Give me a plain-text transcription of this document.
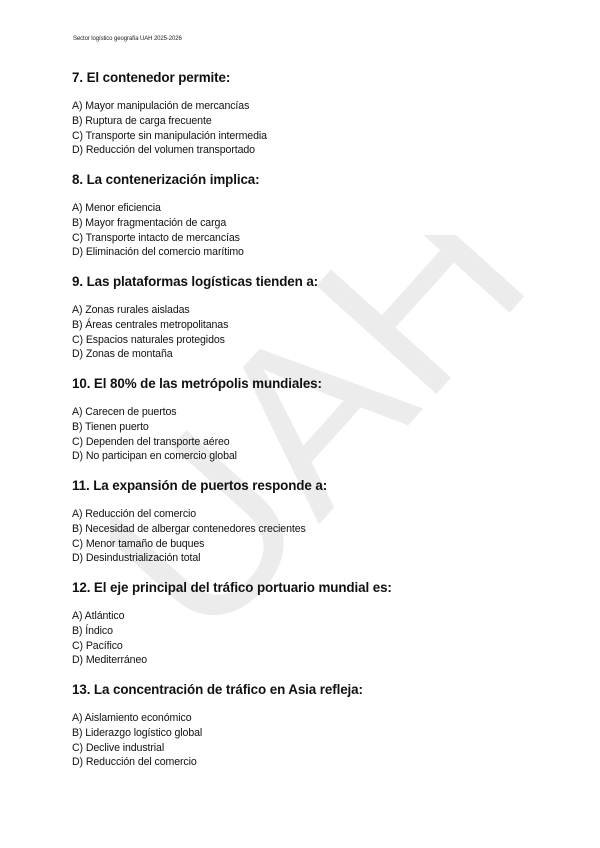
UAH
Sector logístico geografía UAH 2025-2026
7. El contenedor permite:
A) Mayor manipulación de mercancías
B) Ruptura de carga frecuente
C) Transporte sin manipulación intermedia
D) Reducción del volumen transportado
8. La contenerización implica:
A) Menor eficiencia
B) Mayor fragmentación de carga
C) Transporte intacto de mercancías
D) Eliminación del comercio marítimo
9. Las plataformas logísticas tienden a:
A) Zonas rurales aisladas
B) Áreas centrales metropolitanas
C) Espacios naturales protegidos
D) Zonas de montaña
10. El 80% de las metrópolis mundiales:
A) Carecen de puertos
B) Tienen puerto
C) Dependen del transporte aéreo
D) No participan en comercio global
11. La expansión de puertos responde a:
A) Reducción del comercio
B) Necesidad de albergar contenedores crecientes
C) Menor tamaño de buques
D) Desindustrialización total
12. El eje principal del tráfico portuario mundial es:
A) Atlántico
B) Índico
C) Pacífico
D) Mediterráneo
13. La concentración de tráfico en Asia refleja:
A) Aislamiento económico
B) Liderazgo logístico global
C) Declive industrial
D) Reducción del comercio
